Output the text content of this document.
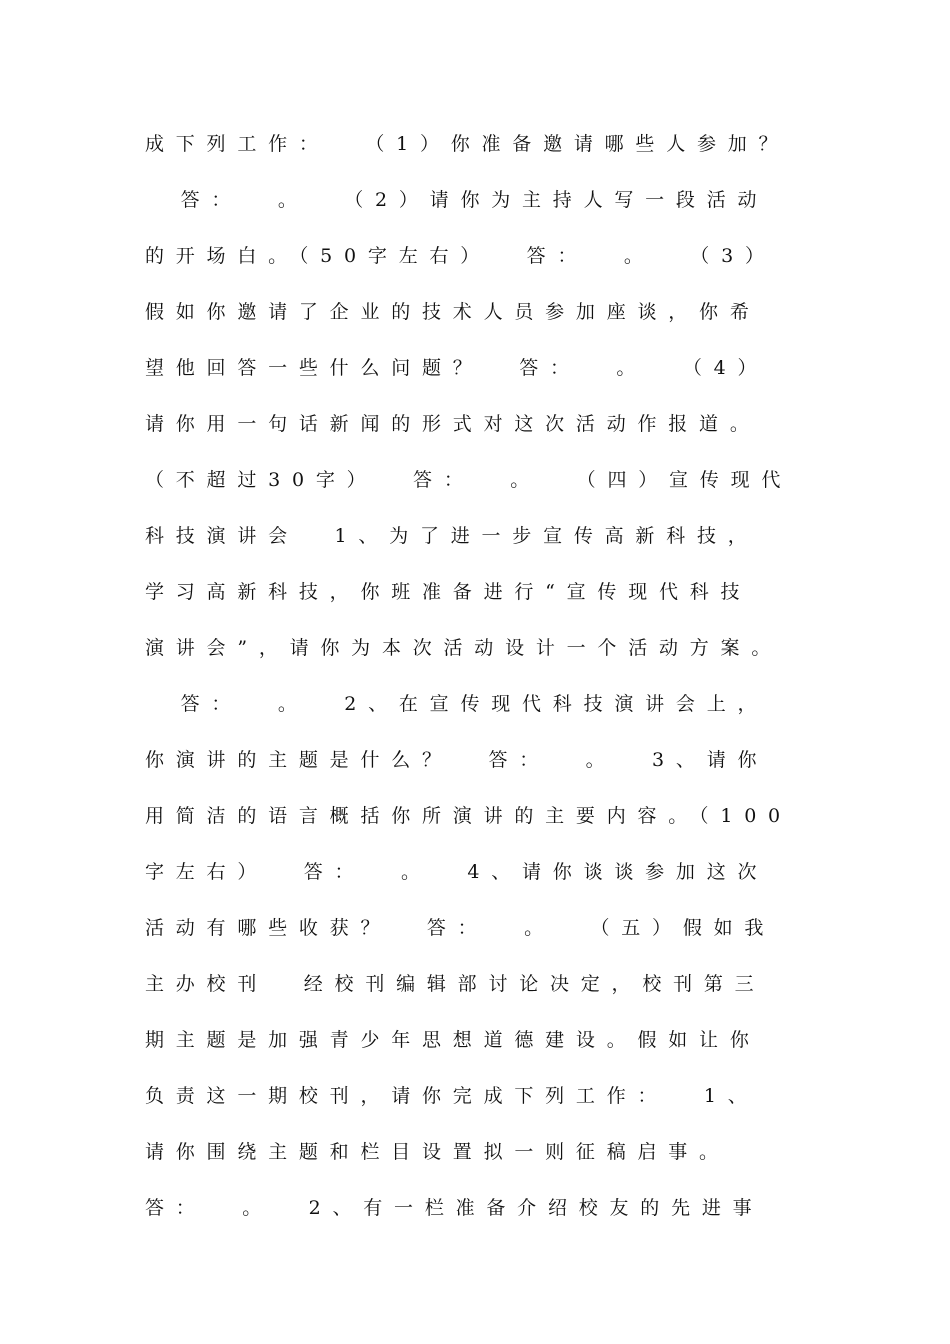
成下列工作：  （1）你准备邀请哪些人参加？
答：  。  （2）请你为主持人写一段活动
的开场白。（50字左右）  答：  。  （3）
假如你邀请了企业的技术人员参加座谈，你希
望他回答一些什么问题？  答：  。  （4）
请你用一句话新闻的形式对这次活动作报道。
（不超过30字）  答：  。  （四）宣传现代
科技演讲会  1、为了进一步宣传高新科技，
学习高新科技，你班准备进行“宣传现代科技
演讲会”，请你为本次活动设计一个活动方案。
答：  。  2、在宣传现代科技演讲会上，
你演讲的主题是什么？  答：  。  3、请你
用简洁的语言概括你所演讲的主要内容。（100
字左右）  答：  。  4、请你谈谈参加这次
活动有哪些收获？  答：  。  （五）假如我
主办校刊  经校刊编辑部讨论决定，校刊第三
期主题是加强青少年思想道德建设。假如让你
负责这一期校刊，请你完成下列工作：  1、
请你围绕主题和栏目设置拟一则征稿启事。
答：  。  2、有一栏准备介绍校友的先进事
